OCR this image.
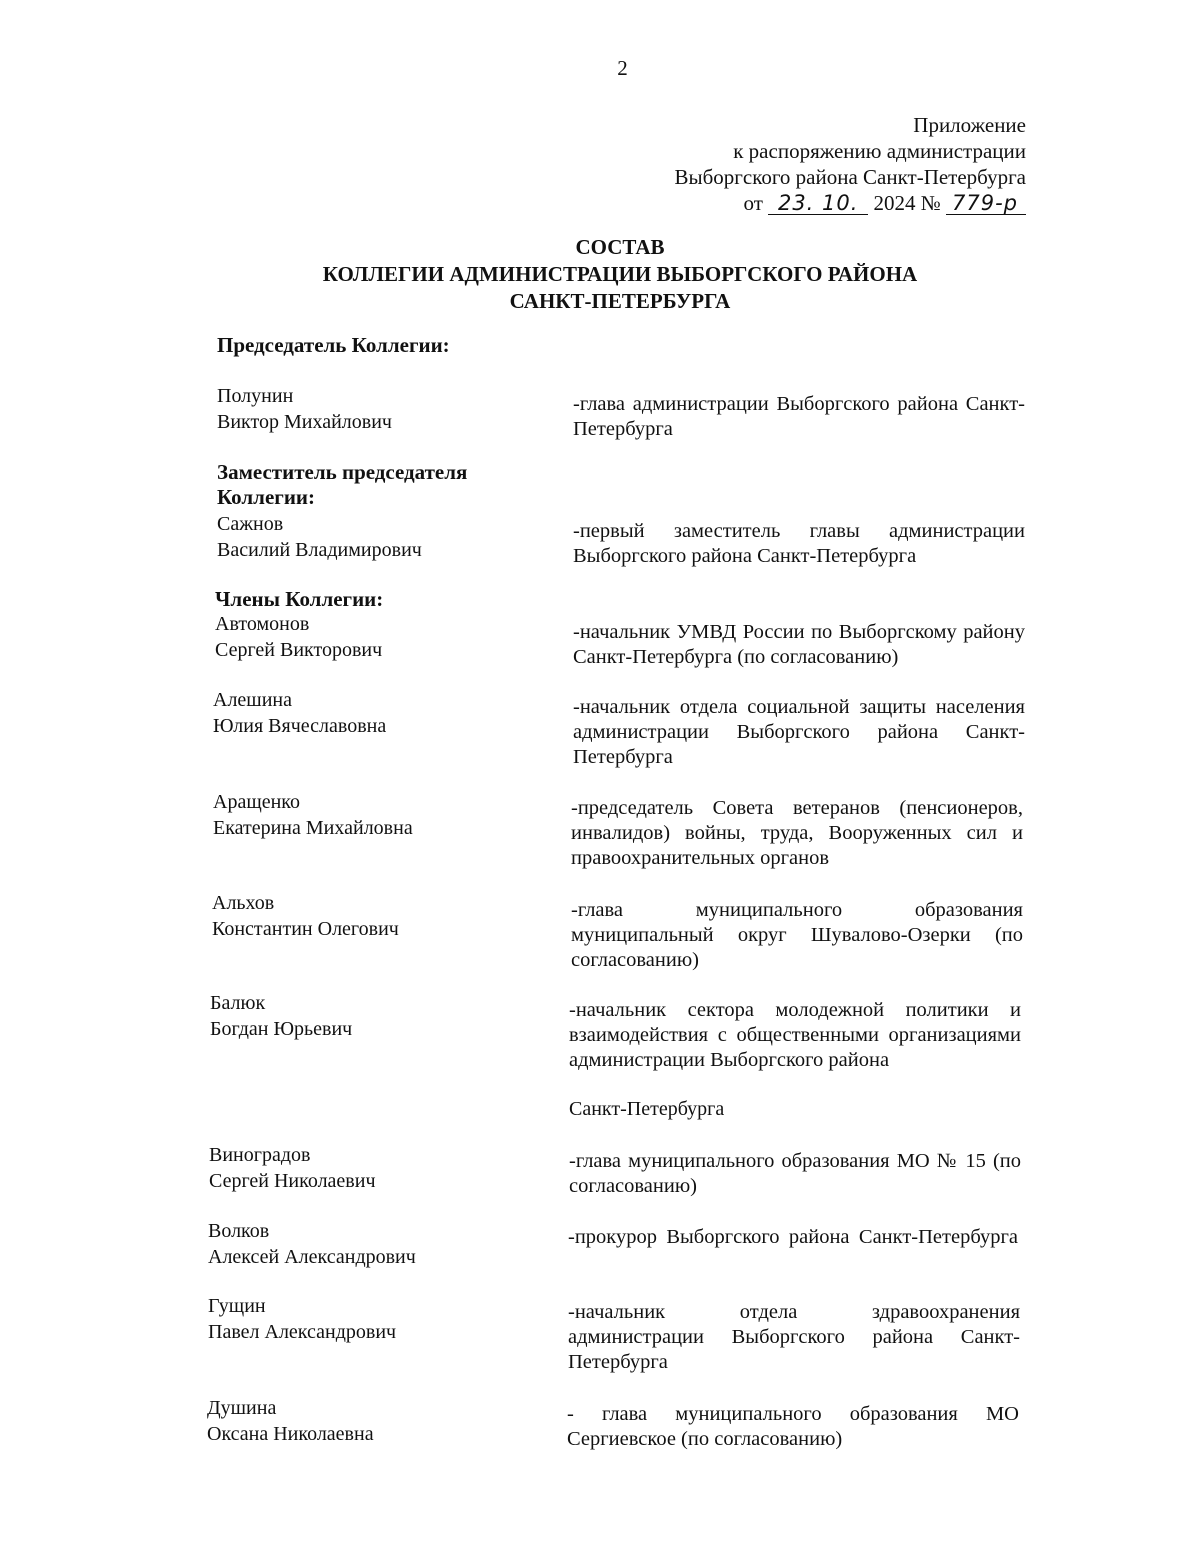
2
Приложение
к распоряжению администрации
Выборгского района Санкт-Петербурга
от 23. 10. 2024 № 779-р
СОСТАВ
КОЛЛЕГИИ АДМИНИСТРАЦИИ ВЫБОРГСКОГО РАЙОНА
САНКТ-ПЕТЕРБУРГА
Председатель Коллегии:
Полунин
Виктор Михайлович
-глава администрации Выборгского района Санкт-Петербурга
Заместитель председателя
Коллегии:
Сажнов
Василий Владимирович
-первый заместитель главы администрации Выборгского района Санкт-Петербурга
Члены Коллегии:
Автомонов
Сергей Викторович
-начальник УМВД России по Выборгскому району Санкт-Петербурга (по согласованию)
Алешина
Юлия Вячеславовна
-начальник отдела социальной защиты населения администрации Выборгского района Санкт-Петербурга
Аращенко
Екатерина Михайловна
-председатель Совета ветеранов (пенсионеров, инвалидов) войны, труда, Вооруженных сил и правоохранительных органов
Альхов
Константин Олегович
-глава муниципального образования муниципальный округ Шувалово-Озерки (по согласованию)
Балюк
Богдан Юрьевич
-начальник сектора молодежной политики и взаимодействия с общественными организациями администрации Выборгского района
Санкт-Петербурга
Виноградов
Сергей Николаевич
-глава муниципального образования МО № 15 (по согласованию)
Волков
Алексей Александрович
-прокурор Выборгского района Санкт-Петербурга
Гущин
Павел Александрович
-начальник отдела здравоохранения администрации Выборгского района Санкт-Петербурга
Душина
Оксана Николаевна
- глава муниципального образования МО Сергиевское (по согласованию)
